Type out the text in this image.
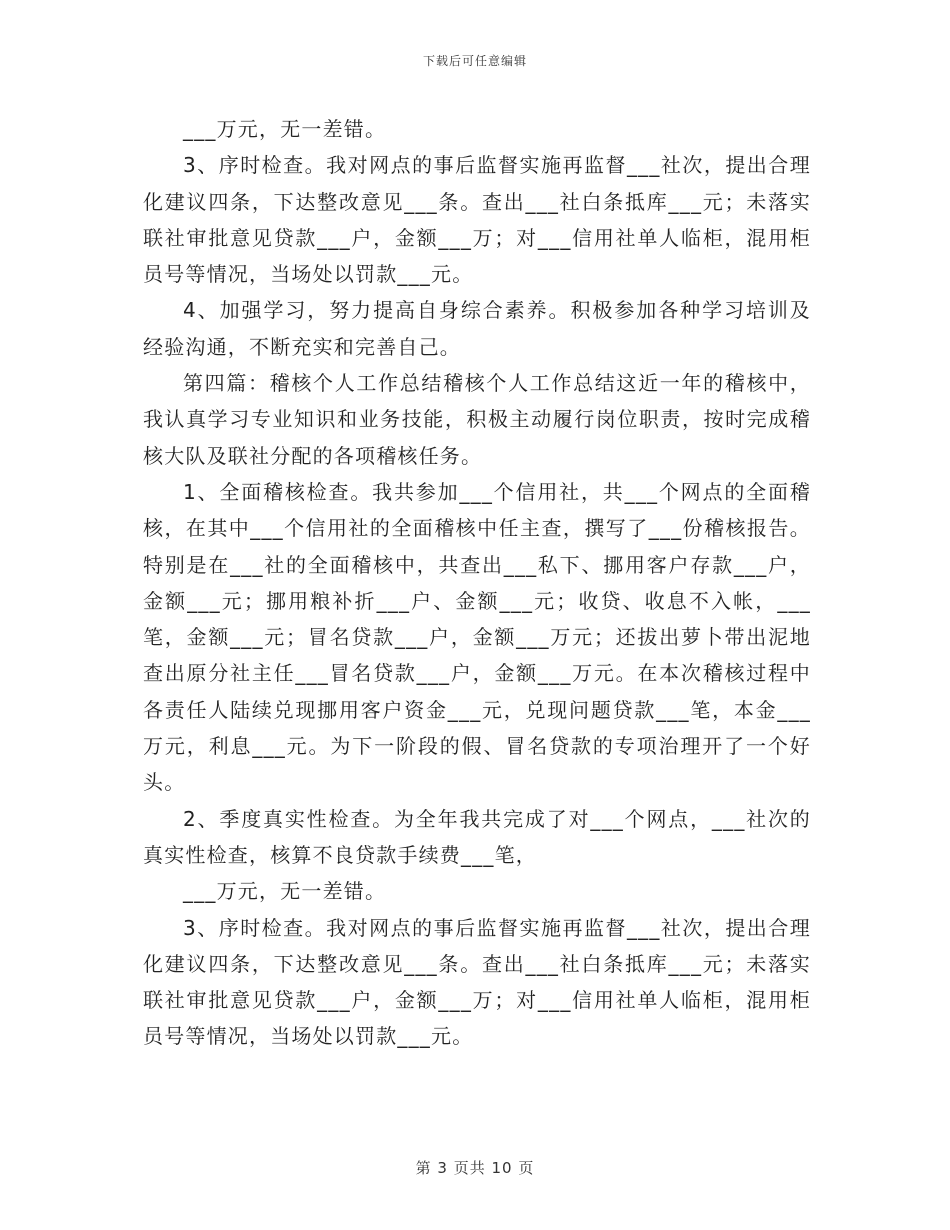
下载后可任意编辑

___万元，无一差错。

3、序时检查。我对网点的事后监督实施再监督___社次，提出合理化建议四条，下达整改意见___条。查出___社白条抵库___元；未落实联社审批意见贷款___户，金额___万；对___信用社单人临柜，混用柜员号等情况，当场处以罚款___元。

4、加强学习，努力提高自身综合素养。积极参加各种学习培训及经验沟通，不断充实和完善自己。

第四篇：稽核个人工作总结稽核个人工作总结这近一年的稽核中，我认真学习专业知识和业务技能，积极主动履行岗位职责，按时完成稽核大队及联社分配的各项稽核任务。

1、全面稽核检查。我共参加___个信用社，共___个网点的全面稽核，在其中___个信用社的全面稽核中任主查，撰写了___份稽核报告。特别是在___社的全面稽核中，共查出___私下、挪用客户存款___户，金额___元；挪用粮补折___户、金额___元；收贷、收息不入帐，___笔，金额___元；冒名贷款___户，金额___万元；还拔出萝卜带出泥地查出原分社主任___冒名贷款___户，金额___万元。在本次稽核过程中各责任人陆续兑现挪用客户资金___元，兑现问题贷款___笔，本金___万元，利息___元。为下一阶段的假、冒名贷款的专项治理开了一个好头。

2、季度真实性检查。为全年我共完成了对___个网点，___社次的真实性检查，核算不良贷款手续费___笔，

___万元，无一差错。

3、序时检查。我对网点的事后监督实施再监督___社次，提出合理化建议四条，下达整改意见___条。查出___社白条抵库___元；未落实联社审批意见贷款___户，金额___万；对___信用社单人临柜，混用柜员号等情况，当场处以罚款___元。

第 3 页共 10 页
